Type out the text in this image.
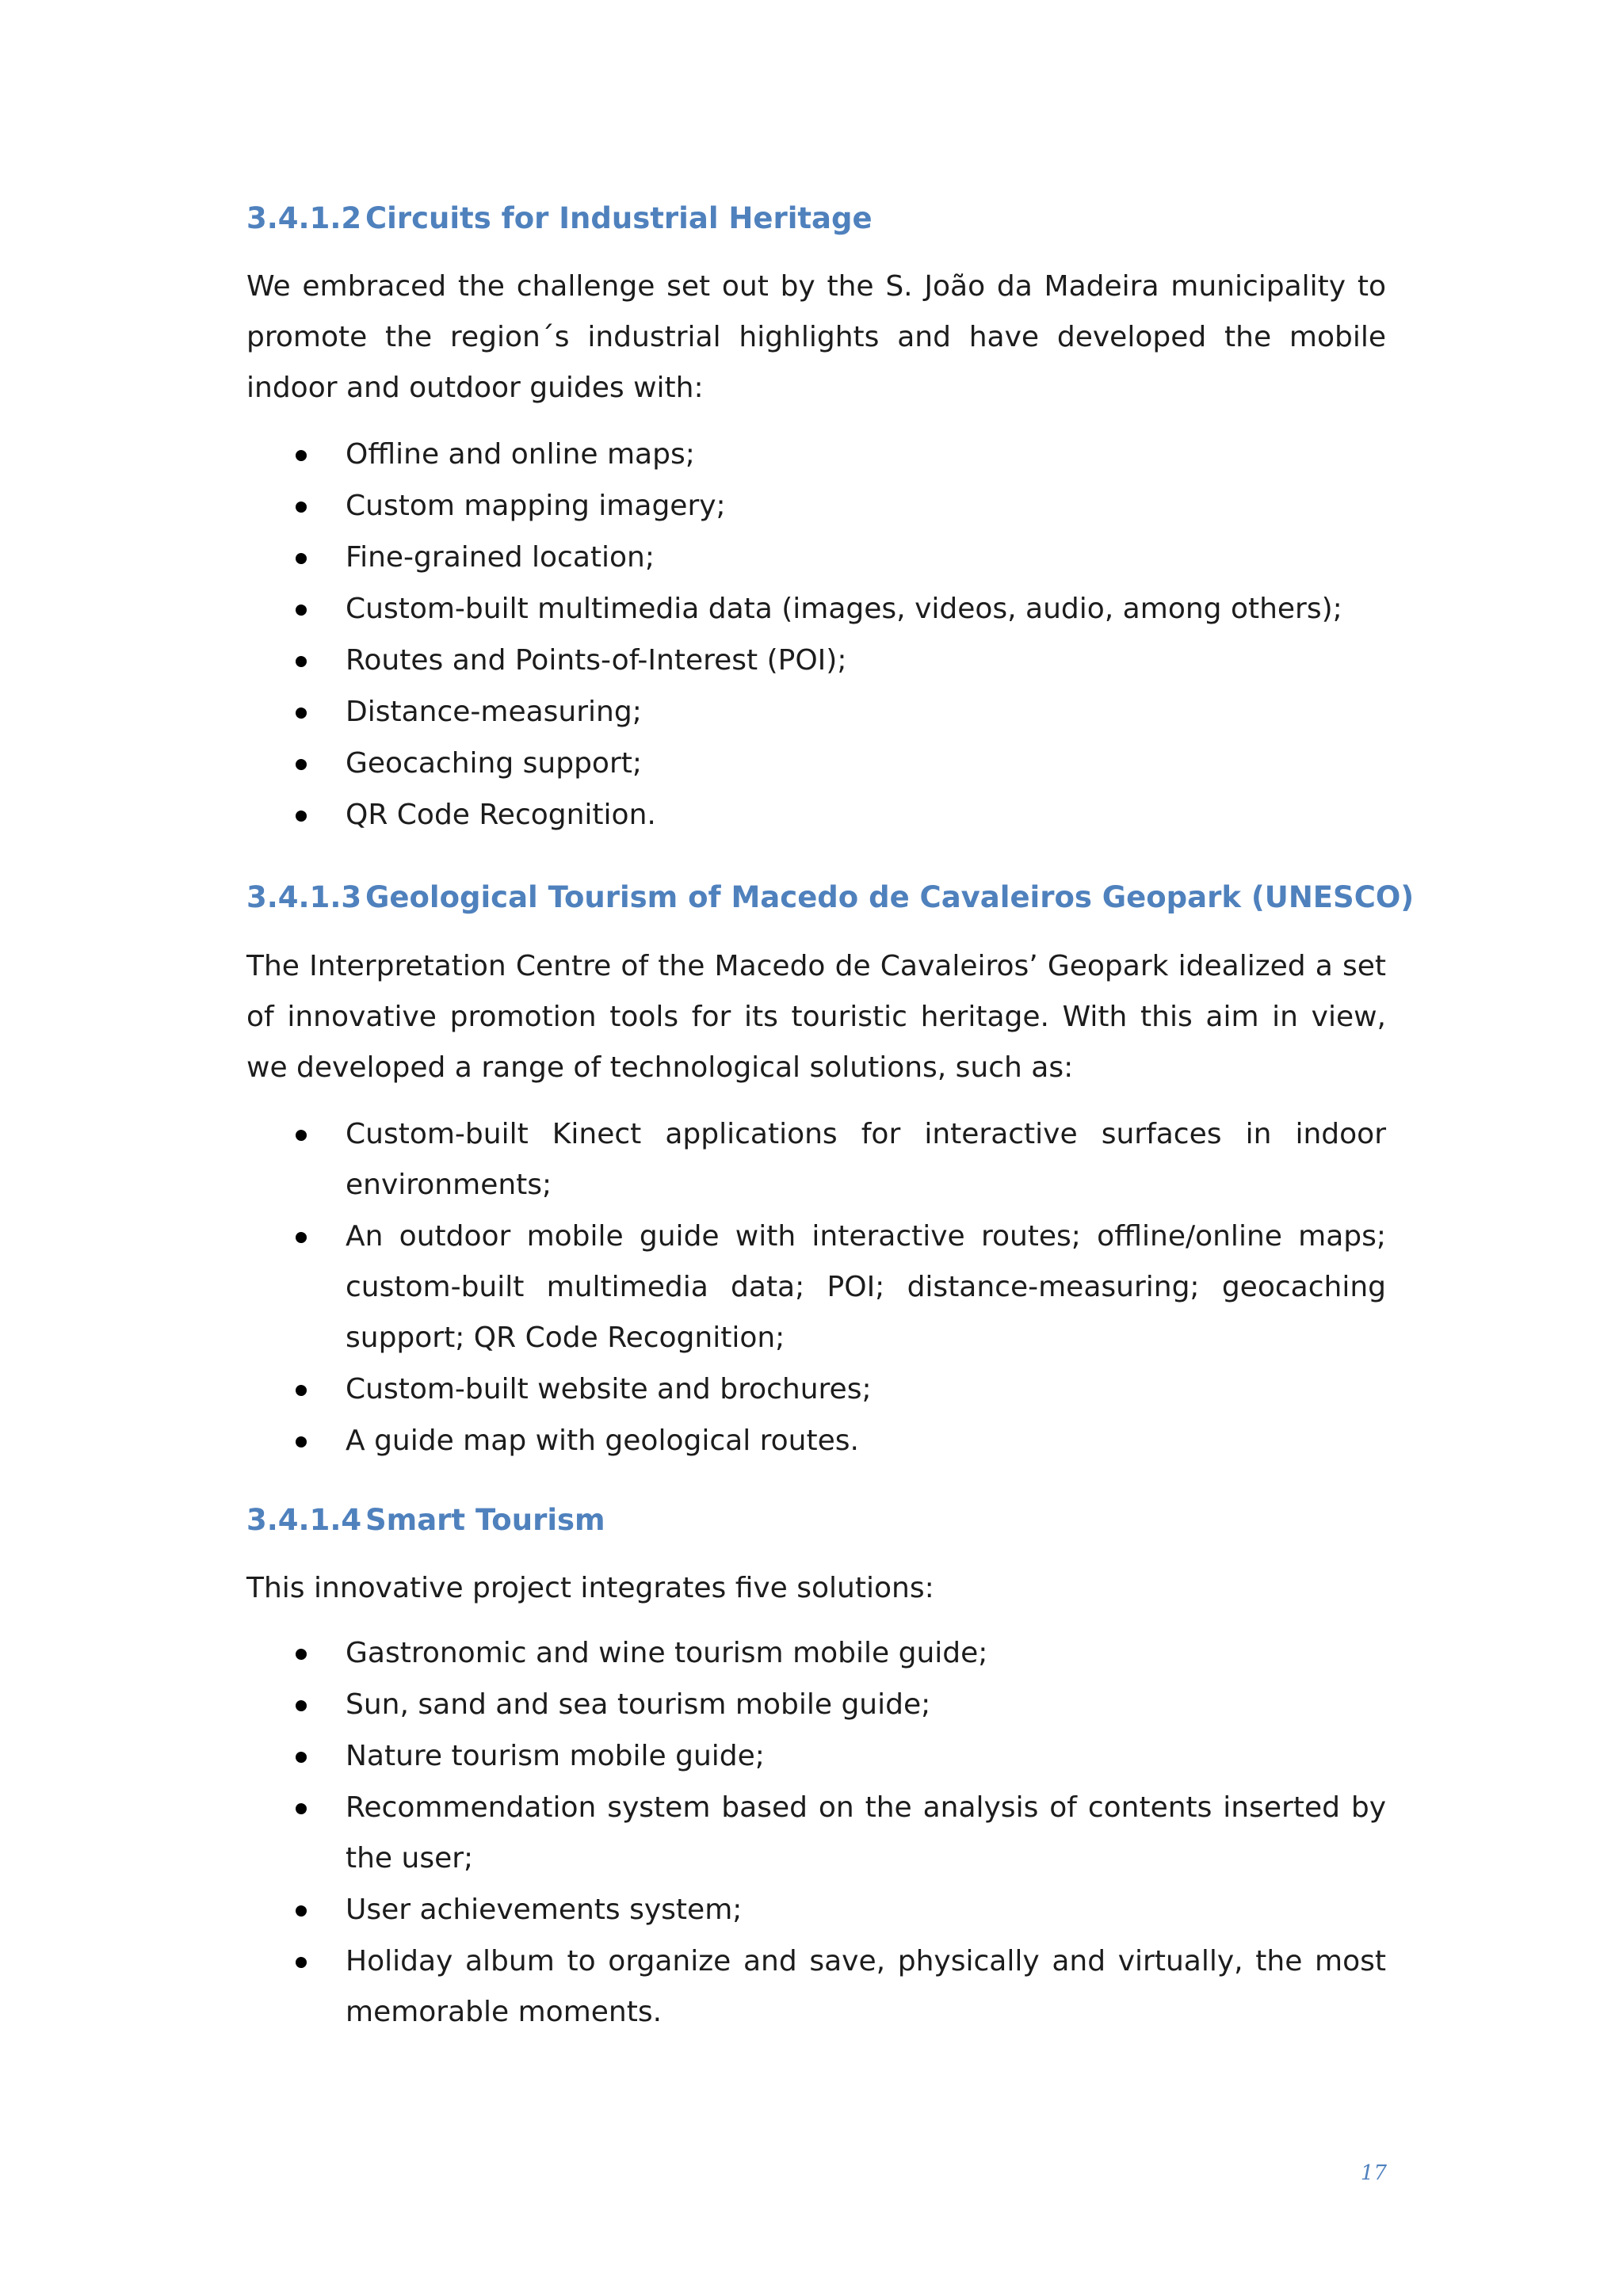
3.4.1.2 Circuits for Industrial Heritage

We embraced the challenge set out by the S. João da Madeira municipality to promote the region´s industrial highlights and have developed the mobile indoor and outdoor guides with:

Offline and online maps;
Custom mapping imagery;
Fine-grained location;
Custom-built multimedia data (images, videos, audio, among others);
Routes and Points-of-Interest (POI);
Distance-measuring;
Geocaching support;
QR Code Recognition.
3.4.1.3 Geological Tourism of Macedo de Cavaleiros Geopark (UNESCO)

The Interpretation Centre of the Macedo de Cavaleiros’ Geopark idealized a set of innovative promotion tools for its touristic heritage. With this aim in view, we developed a range of technological solutions, such as:

Custom-built Kinect applications for interactive surfaces in indoor environments;
An outdoor mobile guide with interactive routes; offline/online maps; custom-built multimedia data; POI; distance-measuring; geocaching support; QR Code Recognition;
Custom-built website and brochures;
A guide map with geological routes.
3.4.1.4 Smart Tourism

This innovative project integrates five solutions:

Gastronomic and wine tourism mobile guide;
Sun, sand and sea tourism mobile guide;
Nature tourism mobile guide;
Recommendation system based on the analysis of contents inserted by the user;
User achievements system;
Holiday album to organize and save, physically and virtually, the most memorable moments.
17
